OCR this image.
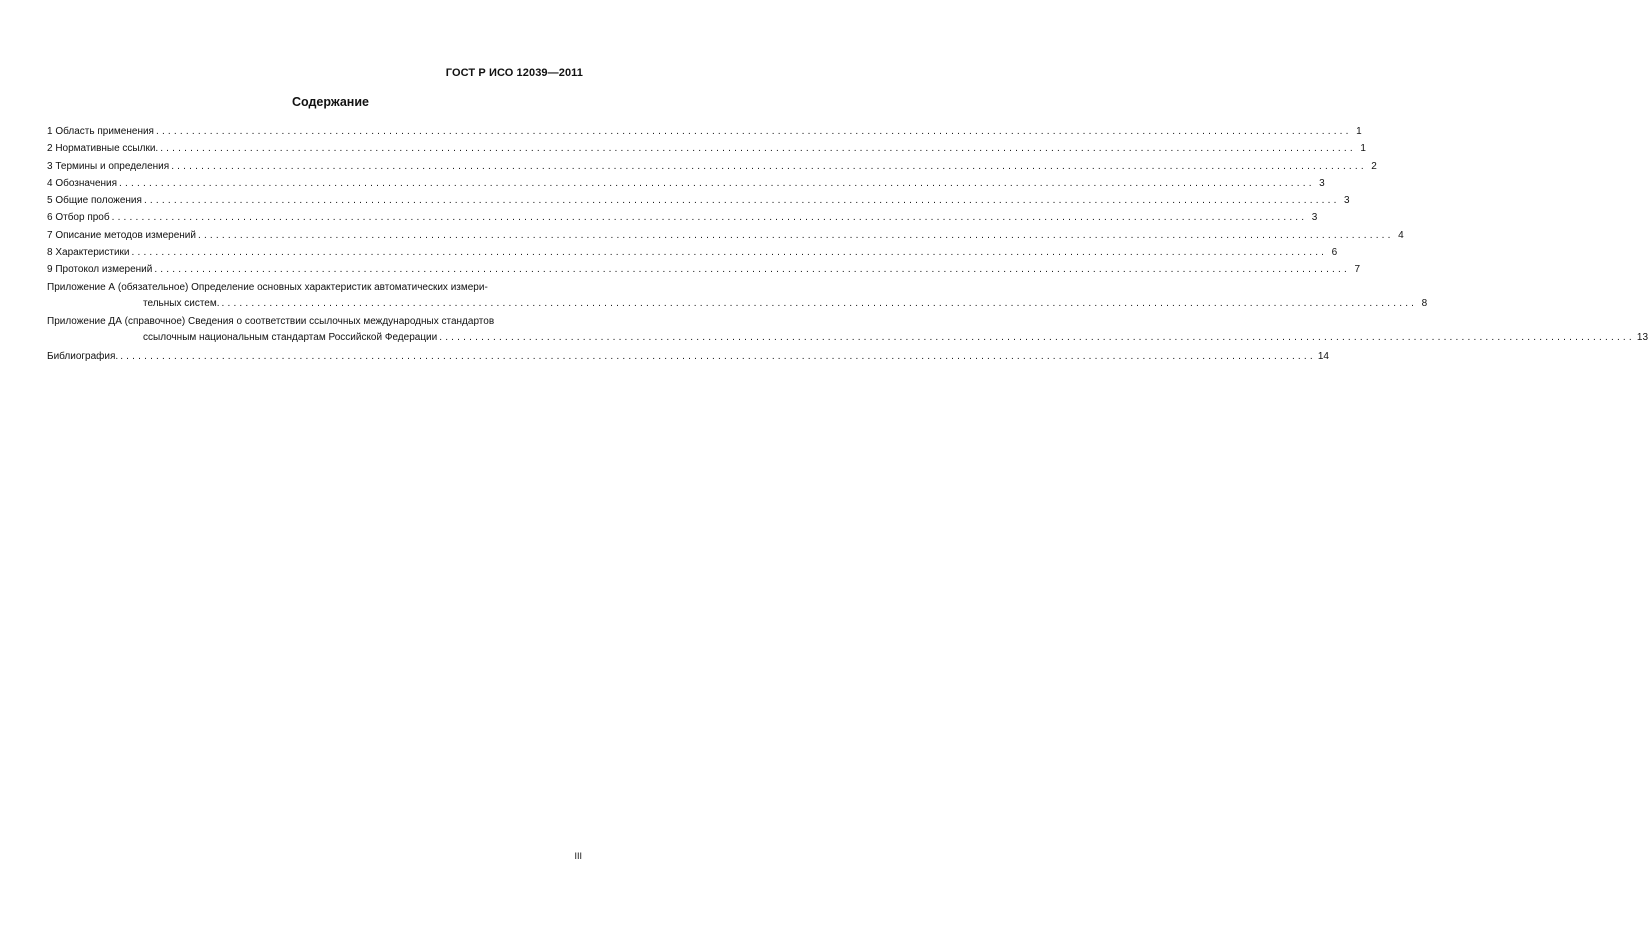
ГОСТ Р ИСО 12039—2011
Содержание
1 Область применения ........................................................................................................................................................................................................ 1
2 Нормативные ссылки. ........................................................................................................................................................................................................ 1
3 Термины и определения ........................................................................................................................................................................................................ 2
4 Обозначения ........................................................................................................................................................................................................ 3
5 Общие положения ........................................................................................................................................................................................................ 3
6 Отбор проб ........................................................................................................................................................................................................ 3
7 Описание методов измерений ........................................................................................................................................................................................................ 4
8 Характеристики ........................................................................................................................................................................................................ 6
9 Протокол измерений ........................................................................................................................................................................................................ 7
Приложение А (обязательное) Определение основных характеристик автоматических измери-
тельных систем. ........................................................................................................................................................................................................ 8
Приложение ДА (справочное) Сведения о соответствии ссылочных международных стандартов
ссылочным национальным стандартам Российской Федерации ........................................................................................................................................................................................................ 13
Библиография. ........................................................................................................................................................................................................ 14
III
